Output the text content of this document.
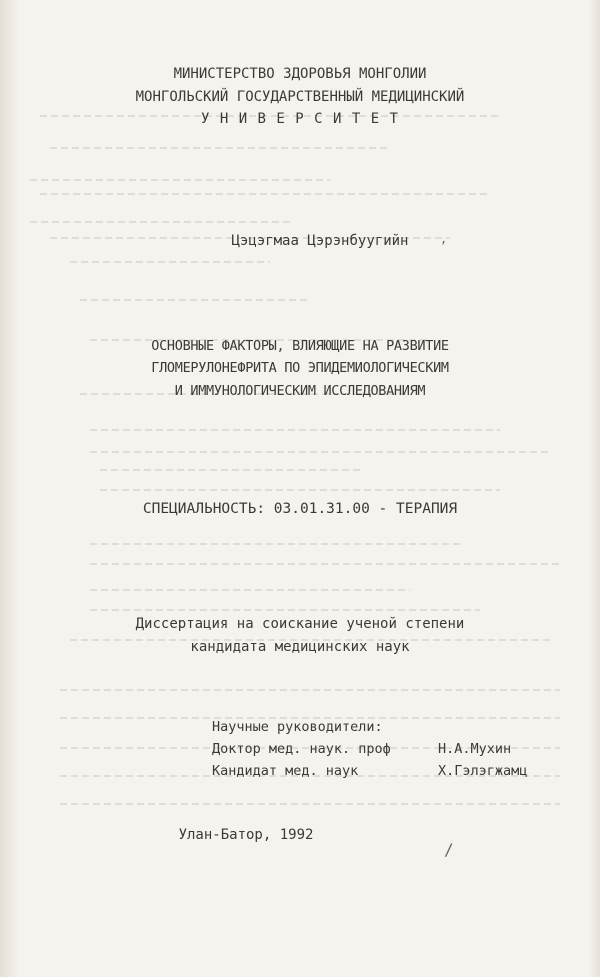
МИНИСТЕРСТВО ЗДОРОВЬЯ МОНГОЛИИ
МОНГОЛЬСКИЙ ГОСУДАРСТВЕННЫЙ МЕДИЦИНСКИЙ
У Н И В Е Р С И Т Е Т
Цэцэгмаа Цэрэнбуугийн	,
ОСНОВНЫЕ ФАКТОРЫ, ВЛИЯЮЩИЕ НА РАЗВИТИЕ
ГЛОМЕРУЛОНЕФРИТА ПО ЭПИДЕМИОЛОГИЧЕСКИМ
И ИММУНОЛОГИЧЕСКИМ ИССЛЕДОВАНИЯМ
СПЕЦИАЛЬНОСТЬ: 03.01.31.00 - ТЕРАПИЯ
Диссертация на соискание ученой степени
кандидата медицинских наук
Научные руководители:
Доктор мед. наук. проф	Н.А.Мухин
Кандидат мед. наук	Х.Гэлэгжамц
Улан-Батор, 1992
/
